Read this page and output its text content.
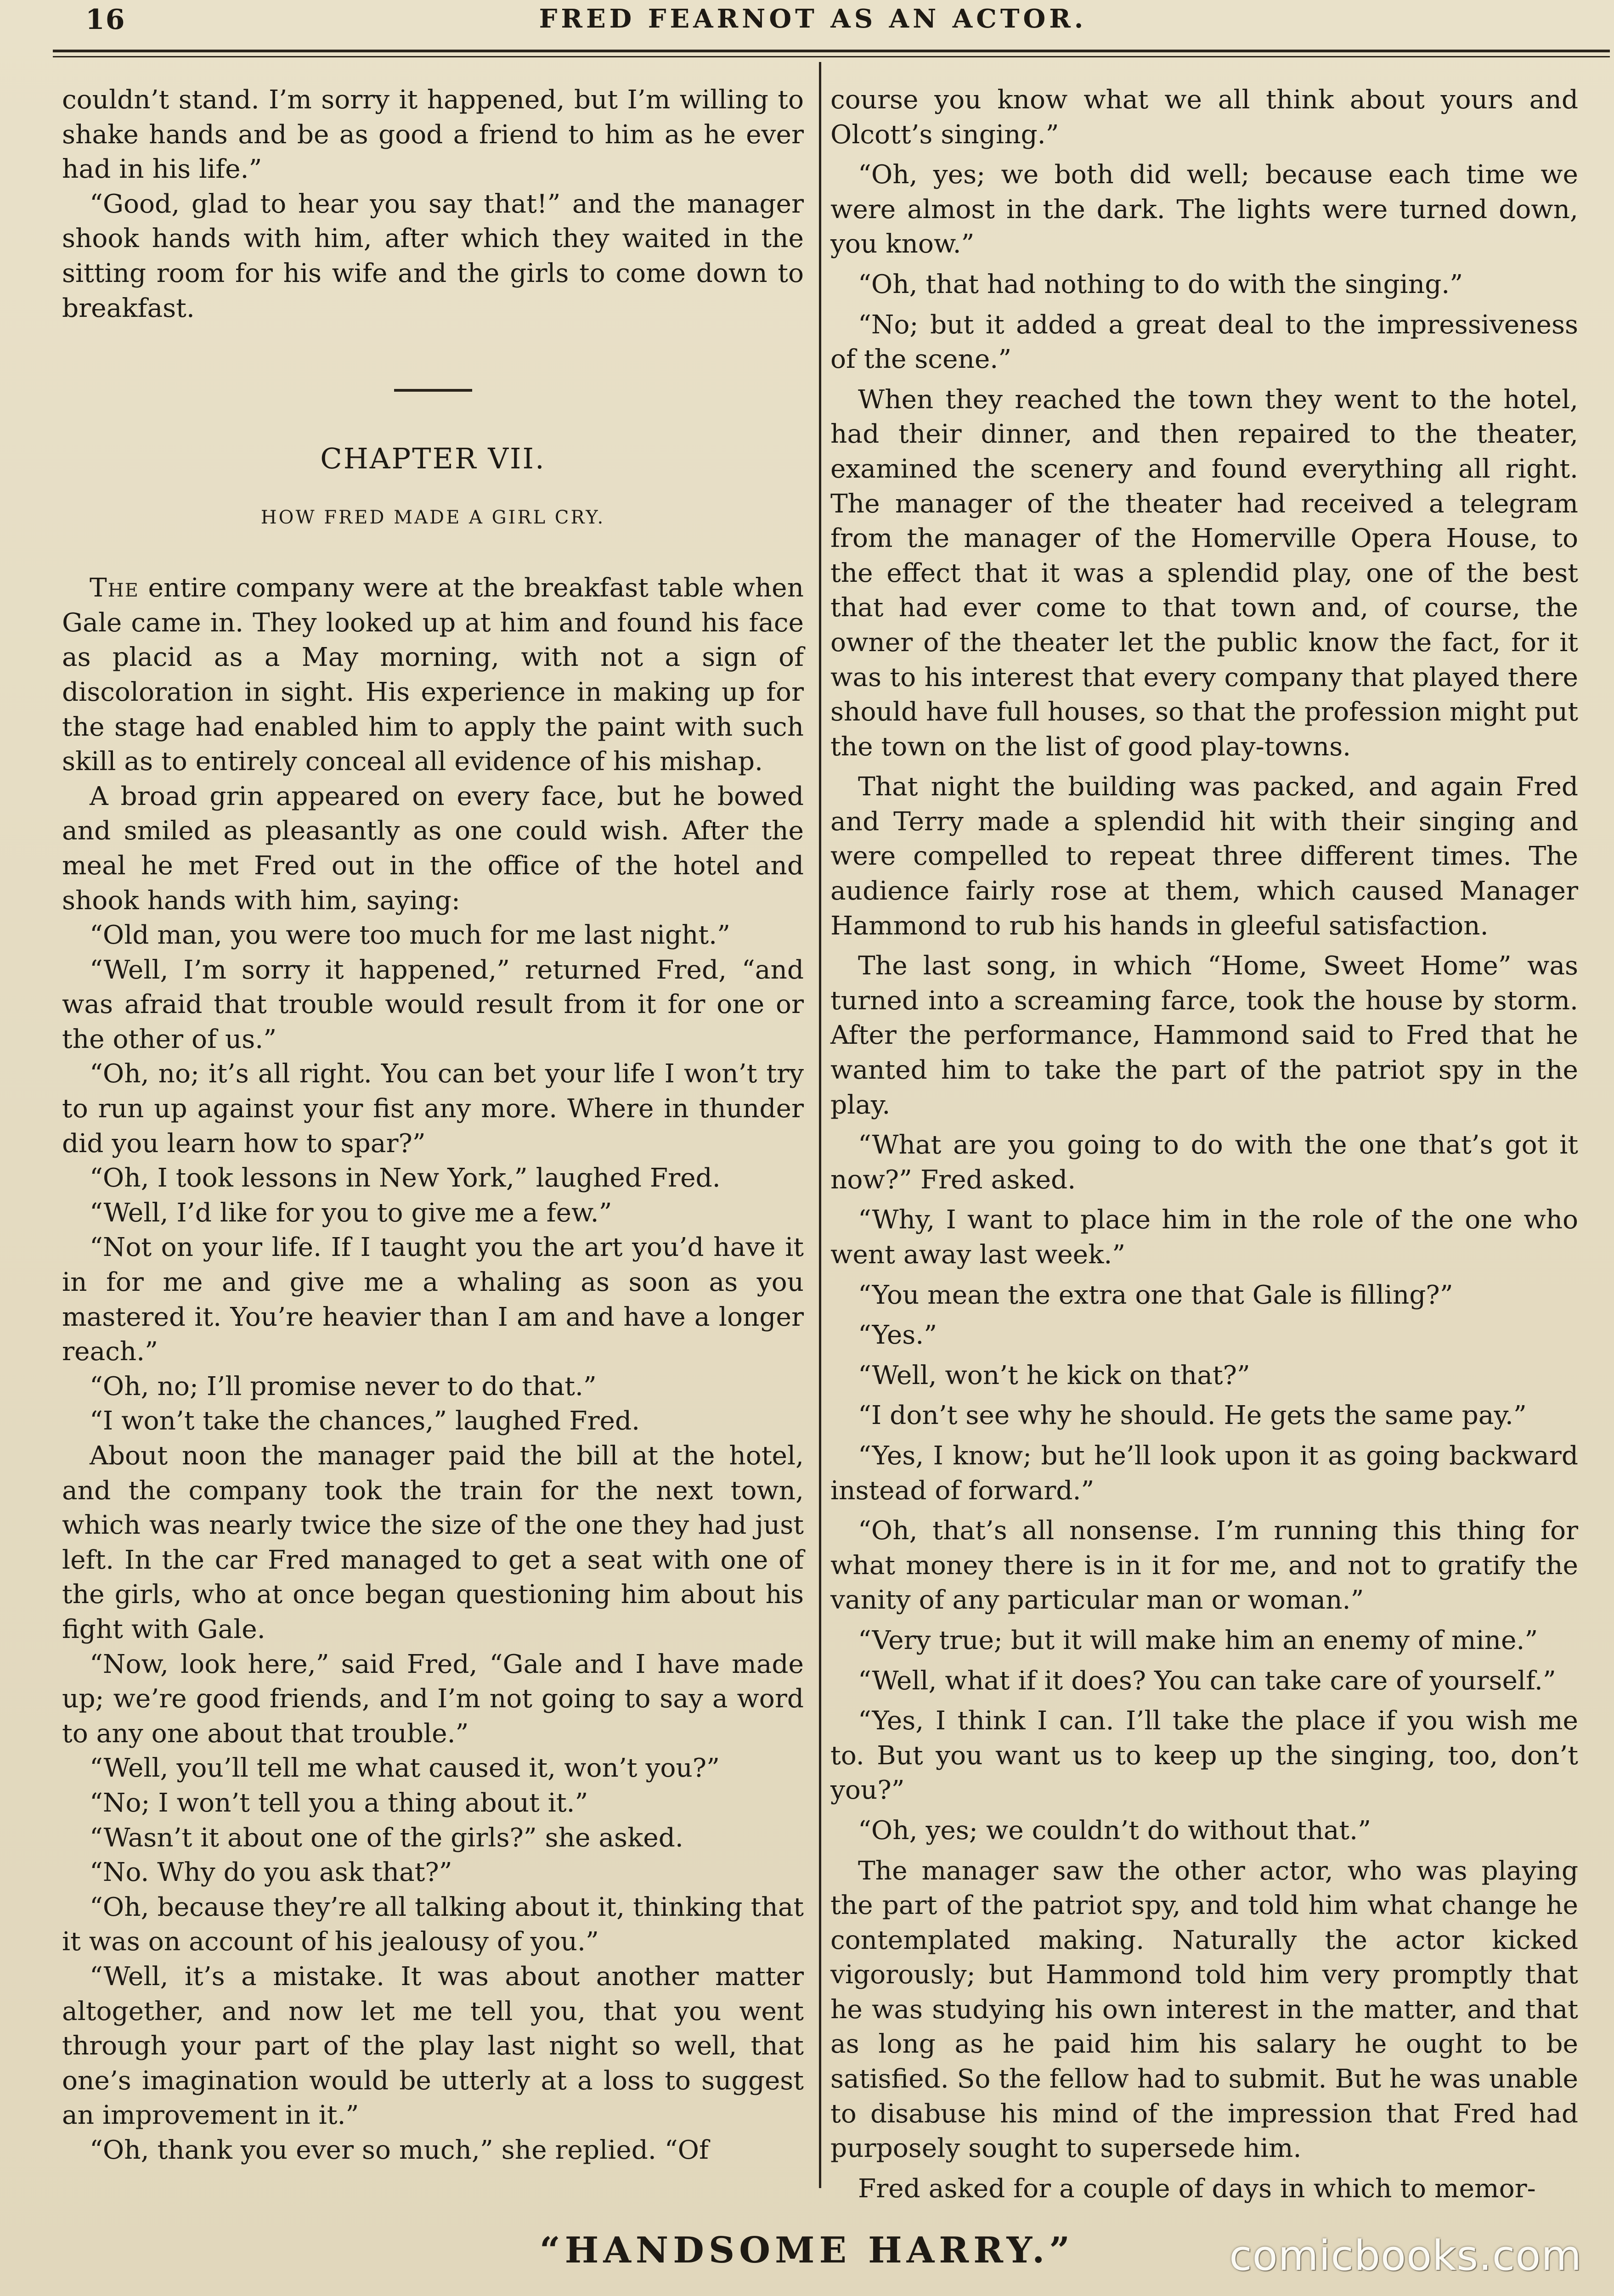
16	FRED FEARNOT AS AN ACTOR.

couldn’t stand. I’m sorry it happened, but I’m willing to shake hands and be as good a friend to him as he ever had in his life.”

“Good, glad to hear you say that!” and the manager shook hands with him, after which they waited in the sitting room for his wife and the girls to come down to breakfast.

CHAPTER VII.
HOW FRED MADE A GIRL CRY.

The entire company were at the breakfast table when Gale came in. They looked up at him and found his face as placid as a May morning, with not a sign of discoloration in sight. His experience in making up for the stage had enabled him to apply the paint with such skill as to entirely conceal all evidence of his mishap.

A broad grin appeared on every face, but he bowed and smiled as pleasantly as one could wish. After the meal he met Fred out in the office of the hotel and shook hands with him, saying:

“Old man, you were too much for me last night.”

“Well, I’m sorry it happened,” returned Fred, “and was afraid that trouble would result from it for one or the other of us.”

“Oh, no; it’s all right. You can bet your life I won’t try to run up against your fist any more. Where in thunder did you learn how to spar?”

“Oh, I took lessons in New York,” laughed Fred.

“Well, I’d like for you to give me a few.”

“Not on your life. If I taught you the art you’d have it in for me and give me a whaling as soon as you mastered it. You’re heavier than I am and have a longer reach.”

“Oh, no; I’ll promise never to do that.”

“I won’t take the chances,” laughed Fred.

About noon the manager paid the bill at the hotel, and the company took the train for the next town, which was nearly twice the size of the one they had just left. In the car Fred managed to get a seat with one of the girls, who at once began questioning him about his fight with Gale.

“Now, look here,” said Fred, “Gale and I have made up; we’re good friends, and I’m not going to say a word to any one about that trouble.”

“Well, you’ll tell me what caused it, won’t you?”

“No; I won’t tell you a thing about it.”

“Wasn’t it about one of the girls?” she asked.

“No. Why do you ask that?”

“Oh, because they’re all talking about it, thinking that it was on account of his jealousy of you.”

“Well, it’s a mistake. It was about another matter altogether, and now let me tell you, that you went through your part of the play last night so well, that one’s imagination would be utterly at a loss to suggest an improvement in it.”

“Oh, thank you ever so much,” she replied. “Of

course you know what we all think about yours and Olcott’s singing.”

“Oh, yes; we both did well; because each time we were almost in the dark. The lights were turned down, you know.”

“Oh, that had nothing to do with the singing.”

“No; but it added a great deal to the impressiveness of the scene.”

When they reached the town they went to the hotel, had their dinner, and then repaired to the theater, examined the scenery and found everything all right. The manager of the theater had received a telegram from the manager of the Homerville Opera House, to the effect that it was a splendid play, one of the best that had ever come to that town and, of course, the owner of the theater let the public know the fact, for it was to his interest that every company that played there should have full houses, so that the profession might put the town on the list of good play-towns.

That night the building was packed, and again Fred and Terry made a splendid hit with their singing and were compelled to repeat three different times. The audience fairly rose at them, which caused Manager Hammond to rub his hands in gleeful satisfaction.

The last song, in which “Home, Sweet Home” was turned into a screaming farce, took the house by storm. After the performance, Hammond said to Fred that he wanted him to take the part of the patriot spy in the play.

“What are you going to do with the one that’s got it now?” Fred asked.

“Why, I want to place him in the role of the one who went away last week.”

“You mean the extra one that Gale is filling?”

“Yes.”

“Well, won’t he kick on that?”

“I don’t see why he should. He gets the same pay.”

“Yes, I know; but he’ll look upon it as going backward instead of forward.”

“Oh, that’s all nonsense. I’m running this thing for what money there is in it for me, and not to gratify the vanity of any particular man or woman.”

“Very true; but it will make him an enemy of mine.”

“Well, what if it does? You can take care of yourself.”

“Yes, I think I can. I’ll take the place if you wish me to. But you want us to keep up the singing, too, don’t you?”

“Oh, yes; we couldn’t do without that.”

The manager saw the other actor, who was playing the part of the patriot spy, and told him what change he contemplated making. Naturally the actor kicked vigorously; but Hammond told him very promptly that he was studying his own interest in the matter, and that as long as he paid him his salary he ought to be satisfied. So the fellow had to submit. But he was unable to disabuse his mind of the impression that Fred had purposely sought to supersede him.

Fred asked for a couple of days in which to memor-

“HANDSOME HARRY.”	comicbooks.com
